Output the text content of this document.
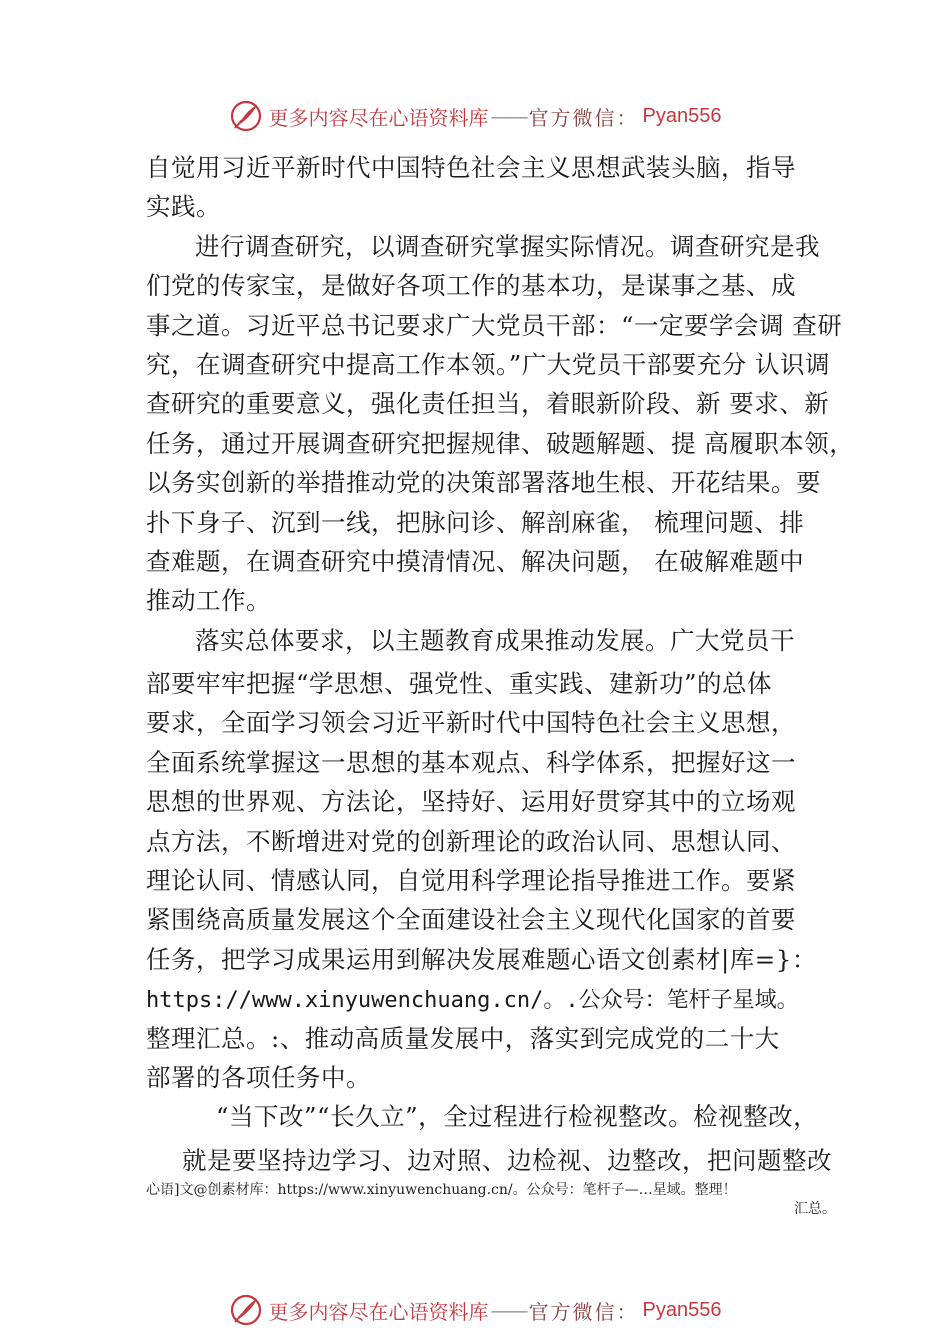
更多内容尽在心语资料库 —— 官方微信 ： Pyan556
自觉用习近平新时代中国特色社会主义思想武装头脑，指导
实践。
进行调查研究，以调查研究掌握实际情况。调查研究是我
们党的传家宝，是做好各项工作的基本功，是谋事之基、成
事之道。习近平总书记要求广大党员干部：“一定要学会调 查研
究，在调查研究中提高工作本领。”广大党员干部要充分 认识调
查研究的重要意义，强化责任担当，着眼新阶段、新 要求、新
任务，通过开展调查研究把握规律、破题解题、提 高履职本领，
以务实创新的举措推动党的决策部署落地生根、开花结果。要
扑下身子、沉到一线，把脉问诊、解剖麻雀， 梳理问题、排
查难题，在调查研究中摸清情况、解决问题， 在破解难题中
推动工作。
落实总体要求，以主题教育成果推动发展。广大党员干
部要牢牢把握“学思想、强党性、重实践、建新功”的总体
要求，全面学习领会习近平新时代中国特色社会主义思想，
全面系统掌握这一思想的基本观点、科学体系，把握好这一
思想的世界观、方法论，坚持好、运用好贯穿其中的立场观
点方法，不断增进对党的创新理论的政治认同、思想认同、
理论认同、情感认同，自觉用科学理论指导推进工作。要紧
紧围绕高质量发展这个全面建设社会主义现代化国家的首要
任务，把学习成果运用到解决发展难题心语文创素材|库=}：
https://www.xinyuwenchuang.cn/。.公众号：笔杆子星域。
整理汇总。:、推动高质量发展中，落实到完成党的二十大
部署的各项任务中。
“当下改”“长久立”，全过程进行检视整改。检视整改，
就是要坚持边学习、边对照、边检视、边整改，把问题整改
心语]文@创素材库：https://www.xinyuwenchuang.cn/。公众号：笔杆子—…星域。整理！
汇总。
更多内容尽在心语资料库 —— 官方微信 ： Pyan556
